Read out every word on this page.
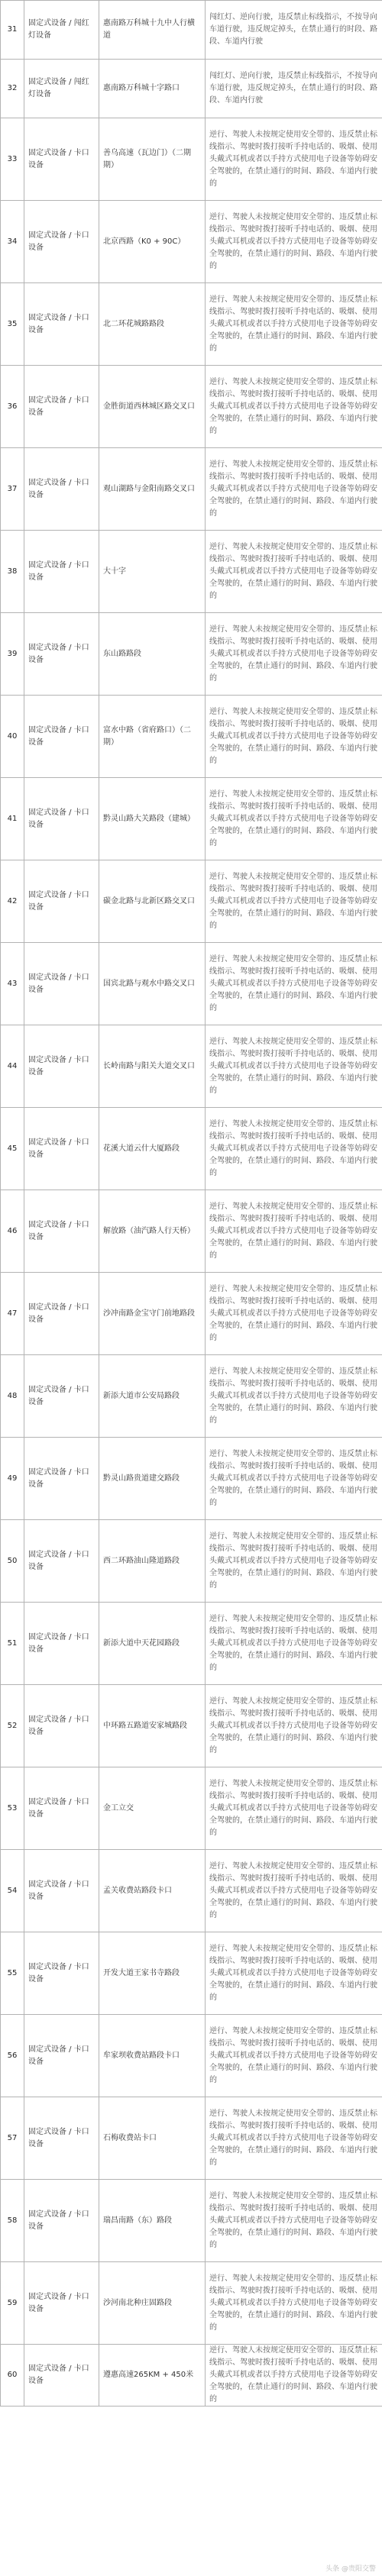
31	固定式设备 / 闯红灯设备	惠南路万科城十九中人行横道	闯红灯、逆向行驶，违反禁止标线指示，不按导向车道行驶，违反规定掉头，在禁止通行的时段、路段、车道内行驶
32	固定式设备 / 闯红灯设备	惠南路万科城十字路口	闯红灯、逆向行驶，违反禁止标线指示，不按导向车道行驶，违反规定掉头，在禁止通行的时段、路段、车道内行驶
33	固定式设备 / 卡口设备	善乌高速（瓦边门）（二期期）	逆行、驾驶人未按规定使用安全带的、违反禁止标线指示、驾驶时拨打接听手持电话的、吸烟、使用头戴式耳机或者以手持方式使用电子设备等妨碍安全驾驶的，在禁止通行的时间、路段、车道内行驶的
34	固定式设备 / 卡口设备	北京西路（K0 + 90C）	逆行、驾驶人未按规定使用安全带的、违反禁止标线指示、驾驶时拨打接听手持电话的、吸烟、使用头戴式耳机或者以手持方式使用电子设备等妨碍安全驾驶的，在禁止通行的时间、路段、车道内行驶的
35	固定式设备 / 卡口设备	北二环花城路路段	逆行、驾驶人未按规定使用安全带的、违反禁止标线指示、驾驶时拨打接听手持电话的、吸烟、使用头戴式耳机或者以手持方式使用电子设备等妨碍安全驾驶的，在禁止通行的时间、路段、车道内行驶的
36	固定式设备 / 卡口设备	金胜街道西林城区路交叉口	逆行、驾驶人未按规定使用安全带的、违反禁止标线指示、驾驶时拨打接听手持电话的、吸烟、使用头戴式耳机或者以手持方式使用电子设备等妨碍安全驾驶的，在禁止通行的时间、路段、车道内行驶的
37	固定式设备 / 卡口设备	观山湖路与金阳南路交叉口	逆行、驾驶人未按规定使用安全带的、违反禁止标线指示、驾驶时拨打接听手持电话的、吸烟、使用头戴式耳机或者以手持方式使用电子设备等妨碍安全驾驶的，在禁止通行的时间、路段、车道内行驶的
38	固定式设备 / 卡口设备	大十字	逆行、驾驶人未按规定使用安全带的、违反禁止标线指示、驾驶时拨打接听手持电话的、吸烟、使用头戴式耳机或者以手持方式使用电子设备等妨碍安全驾驶的，在禁止通行的时间、路段、车道内行驶的
39	固定式设备 / 卡口设备	东山路路段	逆行、驾驶人未按规定使用安全带的、违反禁止标线指示、驾驶时拨打接听手持电话的、吸烟、使用头戴式耳机或者以手持方式使用电子设备等妨碍安全驾驶的，在禁止通行的时间、路段、车道内行驶的
40	固定式设备 / 卡口设备	富水中路（省府路口）（二期）	逆行、驾驶人未按规定使用安全带的、违反禁止标线指示、驾驶时拨打接听手持电话的、吸烟、使用头戴式耳机或者以手持方式使用电子设备等妨碍安全驾驶的，在禁止通行的时间、路段、车道内行驶的
41	固定式设备 / 卡口设备	黔灵山路大关路段（建城）	逆行、驾驶人未按规定使用安全带的、违反禁止标线指示、驾驶时拨打接听手持电话的、吸烟、使用头戴式耳机或者以手持方式使用电子设备等妨碍安全驾驶的，在禁止通行的时间、路段、车道内行驶的
42	固定式设备 / 卡口设备	碳金北路与北新区路交叉口	逆行、驾驶人未按规定使用安全带的、违反禁止标线指示、驾驶时拨打接听手持电话的、吸烟、使用头戴式耳机或者以手持方式使用电子设备等妨碍安全驾驶的，在禁止通行的时间、路段、车道内行驶的
43	固定式设备 / 卡口设备	国宾北路与观水中路交叉口	逆行、驾驶人未按规定使用安全带的、违反禁止标线指示、驾驶时拨打接听手持电话的、吸烟、使用头戴式耳机或者以手持方式使用电子设备等妨碍安全驾驶的，在禁止通行的时间、路段、车道内行驶的
44	固定式设备 / 卡口设备	长岭南路与阳关大道交叉口	逆行、驾驶人未按规定使用安全带的、违反禁止标线指示、驾驶时拨打接听手持电话的、吸烟、使用头戴式耳机或者以手持方式使用电子设备等妨碍安全驾驶的，在禁止通行的时间、路段、车道内行驶的
45	固定式设备 / 卡口设备	花溪大道云什大厦路段	逆行、驾驶人未按规定使用安全带的、违反禁止标线指示、驾驶时拨打接听手持电话的、吸烟、使用头戴式耳机或者以手持方式使用电子设备等妨碍安全驾驶的，在禁止通行的时间、路段、车道内行驶的
46	固定式设备 / 卡口设备	解放路（油汽路人行天桥）	逆行、驾驶人未按规定使用安全带的、违反禁止标线指示、驾驶时拨打接听手持电话的、吸烟、使用头戴式耳机或者以手持方式使用电子设备等妨碍安全驾驶的，在禁止通行的时间、路段、车道内行驶的
47	固定式设备 / 卡口设备	沙冲南路金宝守门前地路段	逆行、驾驶人未按规定使用安全带的、违反禁止标线指示、驾驶时拨打接听手持电话的、吸烟、使用头戴式耳机或者以手持方式使用电子设备等妨碍安全驾驶的，在禁止通行的时间、路段、车道内行驶的
48	固定式设备 / 卡口设备	新添大道市公安局路段	逆行、驾驶人未按规定使用安全带的、违反禁止标线指示、驾驶时拨打接听手持电话的、吸烟、使用头戴式耳机或者以手持方式使用电子设备等妨碍安全驾驶的，在禁止通行的时间、路段、车道内行驶的
49	固定式设备 / 卡口设备	黔灵山路贵道建交路段	逆行、驾驶人未按规定使用安全带的、违反禁止标线指示、驾驶时拨打接听手持电话的、吸烟、使用头戴式耳机或者以手持方式使用电子设备等妨碍安全驾驶的，在禁止通行的时间、路段、车道内行驶的
50	固定式设备 / 卡口设备	西二环路油山隆道路段	逆行、驾驶人未按规定使用安全带的、违反禁止标线指示、驾驶时拨打接听手持电话的、吸烟、使用头戴式耳机或者以手持方式使用电子设备等妨碍安全驾驶的，在禁止通行的时间、路段、车道内行驶的
51	固定式设备 / 卡口设备	新添大道中天花园路段	逆行、驾驶人未按规定使用安全带的、违反禁止标线指示、驾驶时拨打接听手持电话的、吸烟、使用头戴式耳机或者以手持方式使用电子设备等妨碍安全驾驶的，在禁止通行的时间、路段、车道内行驶的
52	固定式设备 / 卡口设备	中环路五路道安家城路段	逆行、驾驶人未按规定使用安全带的、违反禁止标线指示、驾驶时拨打接听手持电话的、吸烟、使用头戴式耳机或者以手持方式使用电子设备等妨碍安全驾驶的，在禁止通行的时间、路段、车道内行驶的
53	固定式设备 / 卡口设备	金工立交	逆行、驾驶人未按规定使用安全带的、违反禁止标线指示、驾驶时拨打接听手持电话的、吸烟、使用头戴式耳机或者以手持方式使用电子设备等妨碍安全驾驶的，在禁止通行的时间、路段、车道内行驶的
54	固定式设备 / 卡口设备	孟关收费站路段卡口	逆行、驾驶人未按规定使用安全带的、违反禁止标线指示、驾驶时拨打接听手持电话的、吸烟、使用头戴式耳机或者以手持方式使用电子设备等妨碍安全驾驶的，在禁止通行的时间、路段、车道内行驶的
55	固定式设备 / 卡口设备	开发大道王家书寺路段	逆行、驾驶人未按规定使用安全带的、违反禁止标线指示、驾驶时拨打接听手持电话的、吸烟、使用头戴式耳机或者以手持方式使用电子设备等妨碍安全驾驶的，在禁止通行的时间、路段、车道内行驶的
56	固定式设备 / 卡口设备	牟家坝收费站路段卡口	逆行、驾驶人未按规定使用安全带的、违反禁止标线指示、驾驶时拨打接听手持电话的、吸烟、使用头戴式耳机或者以手持方式使用电子设备等妨碍安全驾驶的，在禁止通行的时间、路段、车道内行驶的
57	固定式设备 / 卡口设备	石梅收费站卡口	逆行、驾驶人未按规定使用安全带的、违反禁止标线指示、驾驶时拨打接听手持电话的、吸烟、使用头戴式耳机或者以手持方式使用电子设备等妨碍安全驾驶的，在禁止通行的时间、路段、车道内行驶的
58	固定式设备 / 卡口设备	瑞昌南路（东）路段	逆行、驾驶人未按规定使用安全带的、违反禁止标线指示、驾驶时拨打接听手持电话的、吸烟、使用头戴式耳机或者以手持方式使用电子设备等妨碍安全驾驶的，在禁止通行的时间、路段、车道内行驶的
59	固定式设备 / 卡口设备	沙河南北种庄固路段	逆行、驾驶人未按规定使用安全带的、违反禁止标线指示、驾驶时拨打接听手持电话的、吸烟、使用头戴式耳机或者以手持方式使用电子设备等妨碍安全驾驶的，在禁止通行的时间、路段、车道内行驶的
60	固定式设备 / 卡口设备	遵惠高速265KM + 450米	逆行、驾驶人未按规定使用安全带的、违反禁止标线指示、驾驶时拨打接听手持电话的、吸烟、使用头戴式耳机或者以手持方式使用电子设备等妨碍安全驾驶的，在禁止通行的时间、路段、车道内行驶的
头条 @贵阳交警
